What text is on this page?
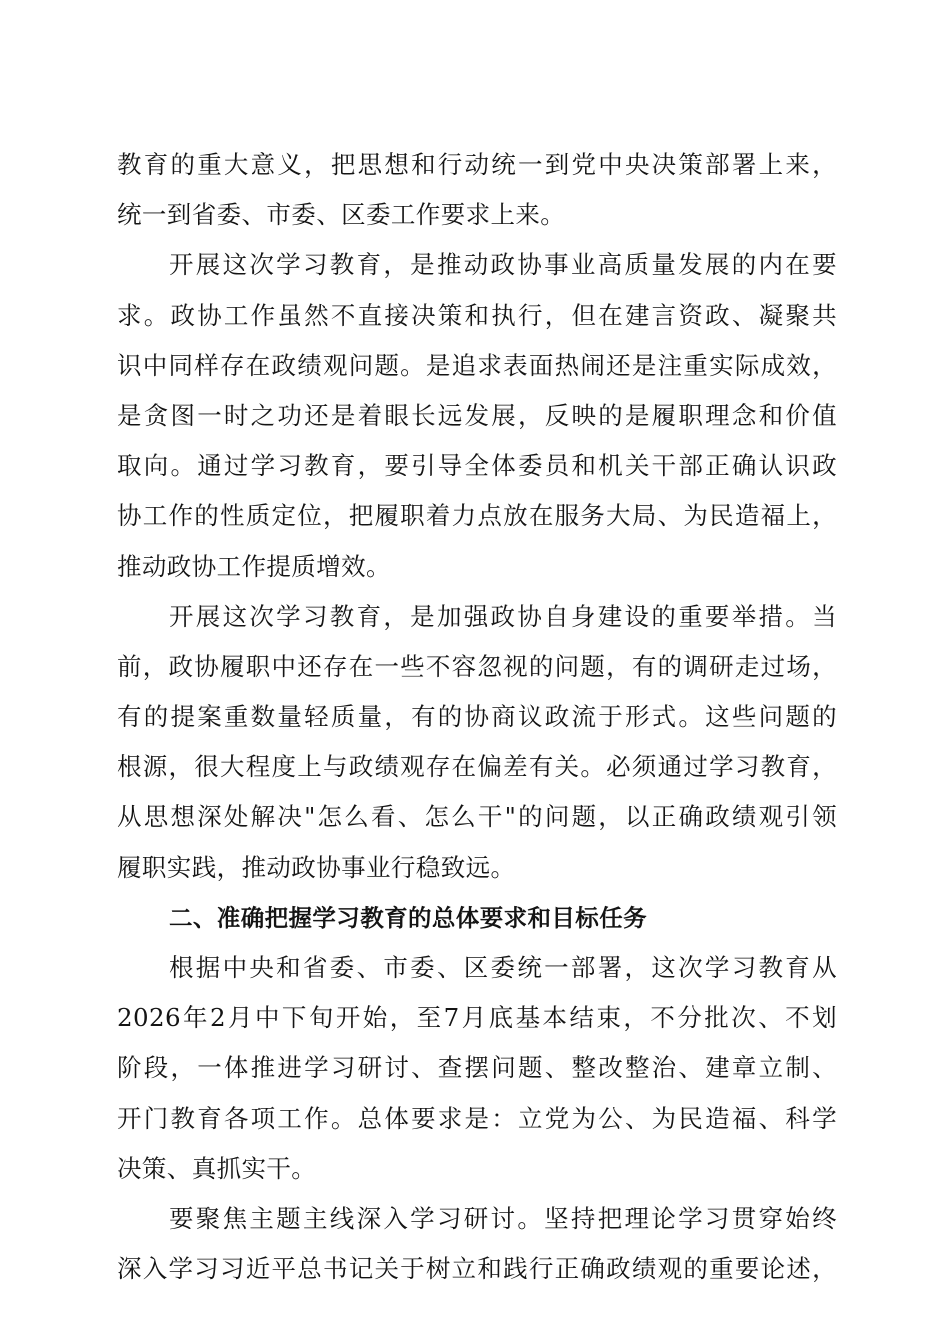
教育的重大意义，把思想和行动统一到党中央决策部署上来，
统一到省委、市委、区委工作要求上来。
开展这次学习教育，是推动政协事业高质量发展的内在要
求。政协工作虽然不直接决策和执行，但在建言资政、凝聚共
识中同样存在政绩观问题。是追求表面热闹还是注重实际成效，
是贪图一时之功还是着眼长远发展，反映的是履职理念和价值
取向。通过学习教育，要引导全体委员和机关干部正确认识政
协工作的性质定位，把履职着力点放在服务大局、为民造福上，
推动政协工作提质增效。
开展这次学习教育，是加强政协自身建设的重要举措。当
前，政协履职中还存在一些不容忽视的问题，有的调研走过场，
有的提案重数量轻质量，有的协商议政流于形式。这些问题的
根源，很大程度上与政绩观存在偏差有关。必须通过学习教育，
从思想深处解决"怎么看、怎么干"的问题，以正确政绩观引领
履职实践，推动政协事业行稳致远。
二、准确把握学习教育的总体要求和目标任务
根据中央和省委、市委、区委统一部署，这次学习教育从
2026年2月中下旬开始，至7月底基本结束，不分批次、不划
阶段，一体推进学习研讨、查摆问题、整改整治、建章立制、
开门教育各项工作。总体要求是：立党为公、为民造福、科学
决策、真抓实干。
要聚焦主题主线深入学习研讨。坚持把理论学习贯穿始终
深入学习习近平总书记关于树立和践行正确政绩观的重要论述，
